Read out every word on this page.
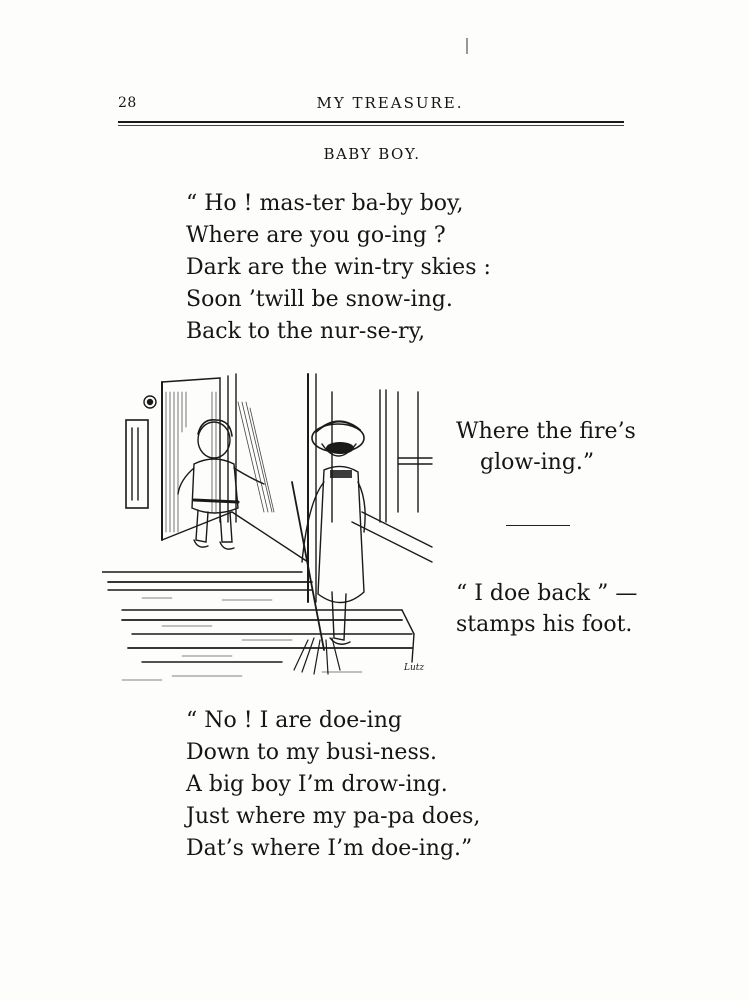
28	MY TREASURE.
BABY BOY.
“ Ho ! mas-ter ba-by boy,
Where are you go-ing ?
Dark are the win-try skies :
Soon ’twill be snow-ing.
Back to the nur-se-ry,
Lutz
Where the fire’s
glow-ing.”
“ I doe back ” —
stamps his foot.
“ No ! I are doe-ing
Down to my busi-ness.
A big boy I’m drow-ing.
Just where my pa-pa does,
Dat’s where I’m doe-ing.”
